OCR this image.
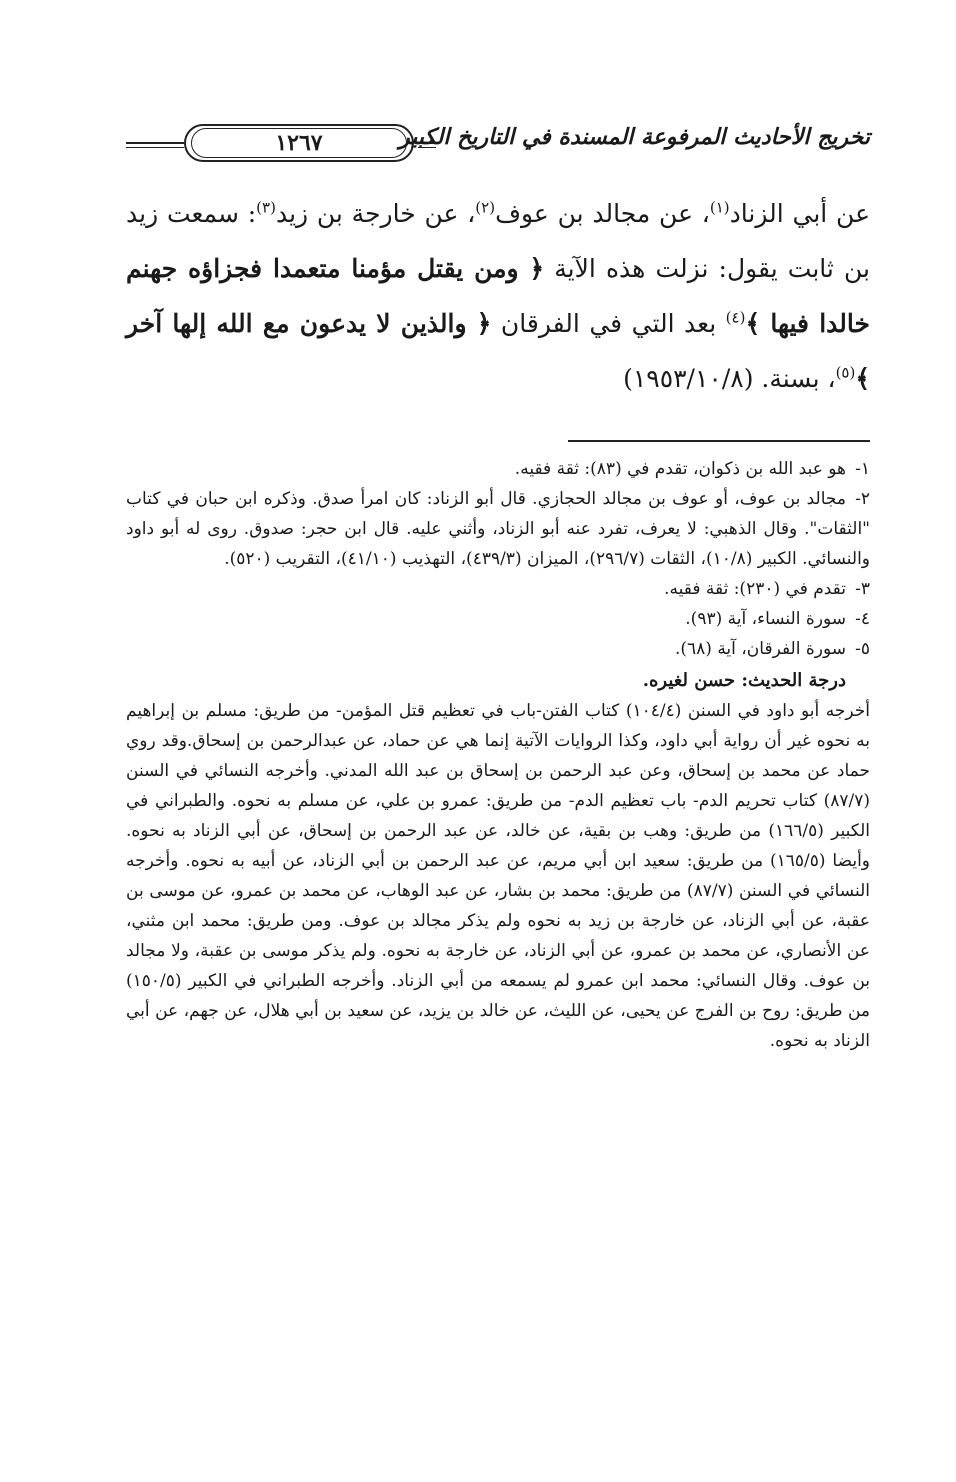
١٢٦٧	تخريج الأحاديث المرفوعة المسندة في التاريخ الكبير

عن أبي الزناد$^{(١)}$، عن مجالد بن عوف$^{(٢)}$، عن خارجة بن زيد$^{(٣)}$: سمعت زيد بن ثابت يقول: نزلت هذه الآية ﴿ ومن يقتل مؤمنا متعمدا فجزاؤه جهنم خالدا فيها ﴾$^{(٤)}$ بعد التي في الفرقان ﴿ والذين لا يدعون مع الله إلها آخر ﴾$^{(٥)}$، بسنة. (١٩٥٣/١٠/٨)

١-هو عبد الله بن ذكوان، تقدم في (٨٣): ثقة فقيه.

٢-مجالد بن عوف، أو عوف بن مجالد الحجازي. قال أبو الزناد: كان امرأ صدق. وذكره ابن حبان في كتاب "الثقات". وقال الذهبي: لا يعرف، تفرد عنه أبو الزناد، وأثني عليه. قال ابن حجر: صدوق. روى له أبو داود والنسائي. الكبير (١٠/٨)، الثقات (٢٩٦/٧)، الميزان (٤٣٩/٣)، التهذيب (٤١/١٠)، التقريب (٥٢٠).

٣-تقدم في (٢٣٠): ثقة فقيه.

٤-سورة النساء، آية (٩٣).

٥-سورة الفرقان، آية (٦٨).

درجة الحديث: حسن لغيره.

أخرجه أبو داود في السنن (١٠٤/٤) كتاب الفتن-باب في تعظيم قتل المؤمن- من طريق: مسلم بن إبراهيم به نحوه غير أن رواية أبي داود، وكذا الروايات الآتية إنما هي عن حماد، عن عبدالرحمن بن إسحاق.وقد روي حماد عن محمد بن إسحاق، وعن عبد الرحمن بن إسحاق بن عبد الله المدني. وأخرجه النسائي في السنن (٨٧/٧) كتاب تحريم الدم- باب تعظيم الدم- من طريق: عمرو بن علي، عن مسلم به نحوه. والطبراني في الكبير (١٦٦/٥) من طريق: وهب بن بقية، عن خالد، عن عبد الرحمن بن إسحاق، عن أبي الزناد به نحوه. وأيضا (١٦٥/٥) من طريق: سعيد ابن أبي مريم، عن عبد الرحمن بن أبي الزناد، عن أبيه به نحوه. وأخرجه النسائي في السنن (٨٧/٧) من طريق: محمد بن بشار، عن عبد الوهاب، عن محمد بن عمرو، عن موسى بن عقبة، عن أبي الزناد، عن خارجة بن زيد به نحوه ولم يذكر مجالد بن عوف. ومن طريق: محمد ابن مثني، عن الأنصاري، عن محمد بن عمرو، عن أبي الزناد، عن خارجة به نحوه. ولم يذكر موسى بن عقبة، ولا مجالد بن عوف. وقال النسائي: محمد ابن عمرو لم يسمعه من أبي الزناد. وأخرجه الطبراني في الكبير (١٥٠/٥) من طريق: روح بن الفرج عن يحيى، عن الليث، عن خالد بن يزيد، عن سعيد بن أبي هلال، عن جهم، عن أبي الزناد به نحوه.
